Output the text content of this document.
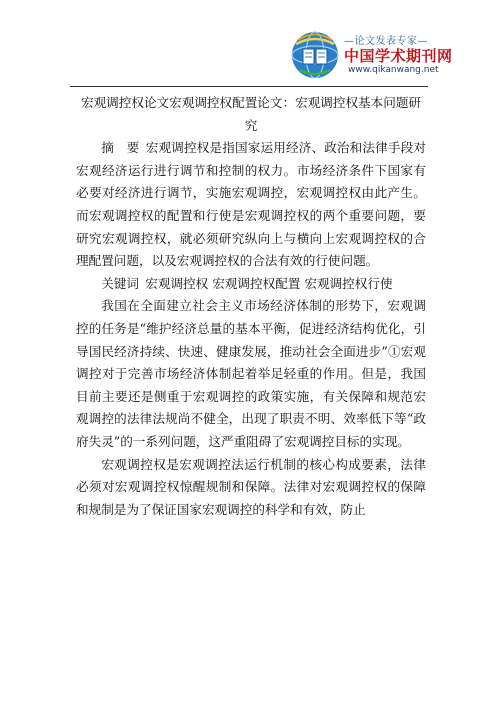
—论文发表专家—
中国学术期刊网
www.qikanwang.net
宏观调控权论文宏观调控权配置论文：宏观调控权基本问题研究

摘　要 宏观调控权是指国家运用经济、政治和法律手段对宏观经济运行进行调节和控制的权力。市场经济条件下国家有必要对经济进行调节，实施宏观调控，宏观调控权由此产生。而宏观调控权的配置和行使是宏观调控权的两个重要问题，要研究宏观调控权，就必须研究纵向上与横向上宏观调控权的合理配置问题，以及宏观调控权的合法有效的行使问题。

关键词 宏观调控权 宏观调控权配置 宏观调控权行使

我国在全面建立社会主义市场经济体制的形势下，宏观调控的任务是“维护经济总量的基本平衡，促进经济结构优化，引导国民经济持续、快速、健康发展，推动社会全面进步”①宏观调控对于完善市场经济体制起着举足轻重的作用。但是，我国目前主要还是侧重于宏观调控的政策实施，有关保障和规范宏观调控的法律法规尚不健全，出现了职责不明、效率低下等“政府失灵”的一系列问题，这严重阻碍了宏观调控目标的实现。

宏观调控权是宏观调控法运行机制的核心构成要素，法律必须对宏观调控权惊醒规制和保障。法律对宏观调控权的保障和规制是为了保证国家宏观调控的科学和有效，防止
